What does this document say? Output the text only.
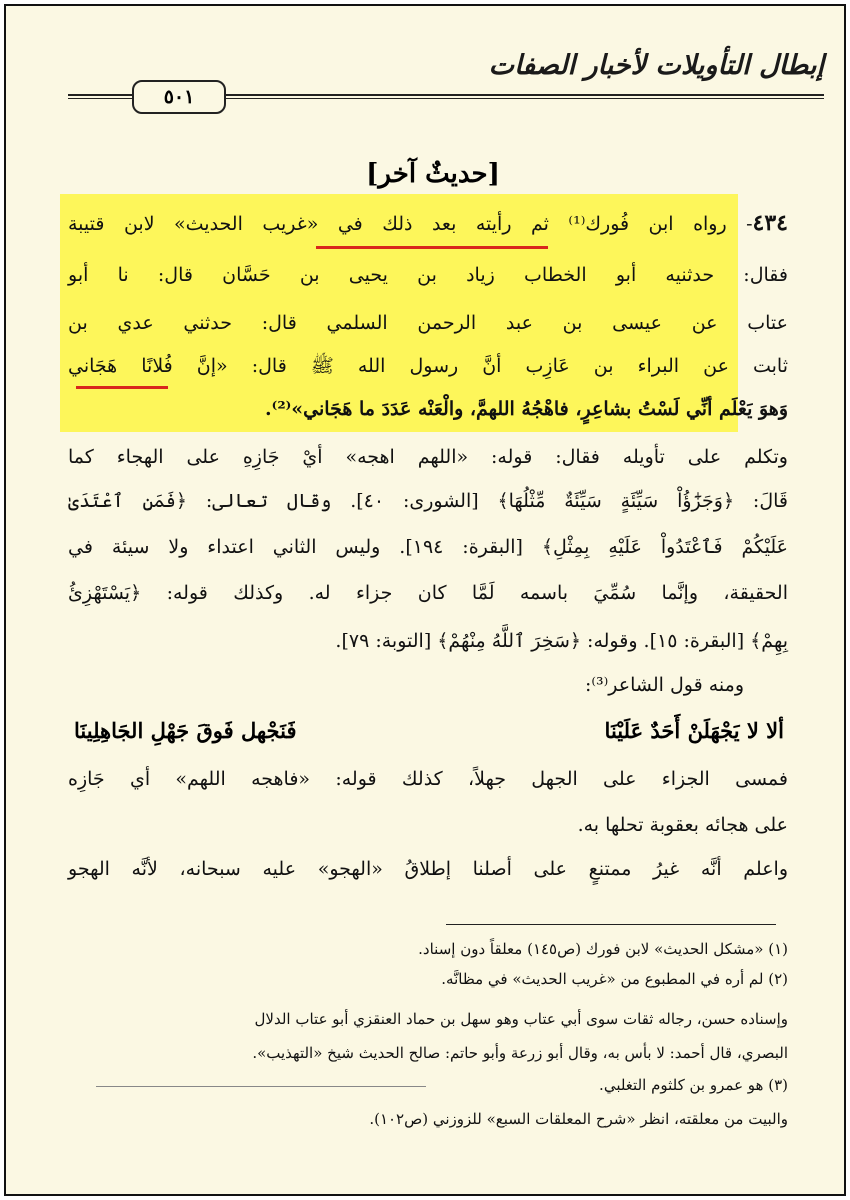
إبطال التأويلات لأخبار الصفات
٥٠١
[حديثٌ آخر]
٤٣٤- رواه ابن فُورك⁽¹⁾ ثم رأيته بعد ذلك في «غريب الحديث» لابن قتيبة
فقال: حدثنيه أبو الخطاب زياد بن يحيى بن حَسَّان قال: نا أبو
عتاب عن عيسى بن عبد الرحمن السلمي قال: حدثني عدي بن
ثابت عن البراء بن عَازِب أنَّ رسول الله ﷺ قال: «إنَّ فُلانًا هَجَاني
وَهوَ يَعْلَم أنِّي لَسْتُ بشاعِرٍ، فاهْجُهُ اللهمَّ، والْعَنْه عَدَدَ ما هَجَاني»⁽²⁾.
وتكلم على تأويله فقال: قوله: «اللهم اهجه» أيْ جَازِهِ على الهجاء كما
قَالَ: ﴿وَجَزَٰٓؤُاْ سَيِّئَةٍ سَيِّئَةٌ مِّثْلُهَا﴾ [الشورى: ٤٠]. وقال تعالى: ﴿فَمَنِ ٱعْتَدَىٰ
عَلَيْكُمْ فَٱعْتَدُواْ عَلَيْهِ بِمِثْلِ﴾ [البقرة: ١٩٤]. وليس الثاني اعتداء ولا سيئة في
الحقيقة، وإنَّما سُمِّيَ باسمه لَمَّا كان جزاء له. وكذلك قوله: ﴿يَسْتَهْزِئُ
بِهِمْ﴾ [البقرة: ١٥]. وقوله: ﴿سَخِرَ ٱللَّهُ مِنْهُمْ﴾ [التوبة: ٧٩].
ومنه قول الشاعر⁽³⁾:
ألا لا يَجْهَلَنْ أَحَدٌ عَلَيْنَا
فَنَجْهل فَوقَ جَهْلِ الجَاهِلِينَا
فمسى الجزاء على الجهل جهلاً، كذلك قوله: «فاهجه اللهم» أي جَازِه
على هجائه بعقوبة تحلها به.
واعلم أنَّه غيرُ ممتنعٍ على أصلنا إطلاقُ «الهجو» عليه سبحانه، لأنَّه الهجو
(١) «مشكل الحديث» لابن فورك (ص١٤٥) معلقاً دون إسناد.
(٢) لم أره في المطبوع من «غريب الحديث» في مظانَّه.
وإسناده حسن، رجاله ثقات سوى أبي عتاب وهو سهل بن حماد العنقزي أبو عتاب الدلال
البصري، قال أحمد: لا بأس به، وقال أبو زرعة وأبو حاتم: صالح الحديث شيخ «التهذيب».
(٣) هو عمرو بن كلثوم التغلبي.
والبيت من معلقته، انظر «شرح المعلقات السبع» للزوزني (ص١٠٢).
